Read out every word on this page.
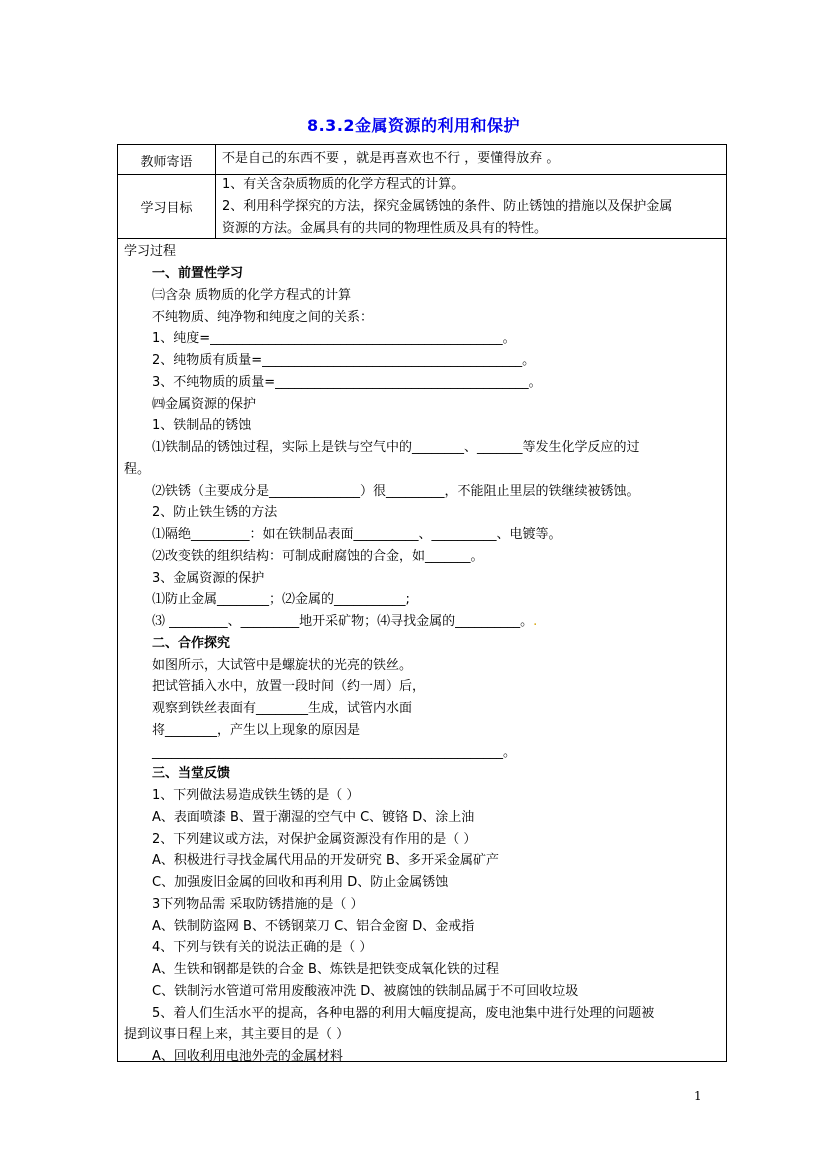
8.3.2金属资源的利用和保护
教师寄语	不是自己的东西不要 ，就是再喜欢也不行 ，要懂得放弃 。
学习目标
1、有关含杂质物质的化学方程式的计算。
2、利用科学探究的方法，探究金属锈蚀的条件、防止锈蚀的措施以及保护金属
资源的方法。金属具有的共同的物理性质及具有的特性。
学习过程
一、前置性学习
㈢含杂 质物质的化学方程式的计算
不纯物质、纯净物和纯度之间的关系：
1、纯度=_____________________________________________。
2、纯物质有质量=________________________________________。
3、不纯物质的质量=_______________________________________。
㈣金属资源的保护
1、铁制品的锈蚀
⑴铁制品的锈蚀过程，实际上是铁与空气中的________、_______等发生化学反应的过
程。
⑵铁锈（主要成分是______________）很_________，不能阻止里层的铁继续被锈蚀。
2、防止铁生锈的方法
⑴隔绝_________：如在铁制品表面__________、__________、电镀等。
⑵改变铁的组织结构：可制成耐腐蚀的合金，如_______。
3、金属资源的保护
⑴防止金属________；⑵金属的___________;
⑶ _________、_________地开采矿物；⑷寻找金属的__________。.
二、合作探究
如图所示，大试管中是螺旋状的光亮的铁丝。
把试管插入水中，放置一段时间（约一周）后，
观察到铁丝表面有________生成，试管内水面
将________，产生以上现象的原因是
______________________________________________________。
三、当堂反馈
1、下列做法易造成铁生锈的是（ ）
A、表面喷漆 B、置于潮湿的空气中 C、镀铬 D、涂上油
2、下列建议或方法，对保护金属资源没有作用的是（ ）
A、积极进行寻找金属代用品的开发研究 B、多开采金属矿产
C、加强废旧金属的回收和再利用 D、防止金属锈蚀
3下列物品需 采取防锈措施的是（ ）
A、铁制防盗网 B、不锈钢菜刀 C、铝合金窗 D、金戒指
4、下列与铁有关的说法正确的是（ ）
A、生铁和钢都是铁的合金 B、炼铁是把铁变成氧化铁的过程
C、铁制污水管道可常用废酸液冲洗 D、被腐蚀的铁制品属于不可回收垃圾
5、着人们生活水平的提高，各种电器的利用大幅度提高，废电池集中进行处理的问题被
提到议事日程上来，其主要目的是（ ）
A、回收利用电池外壳的金属材料
1
